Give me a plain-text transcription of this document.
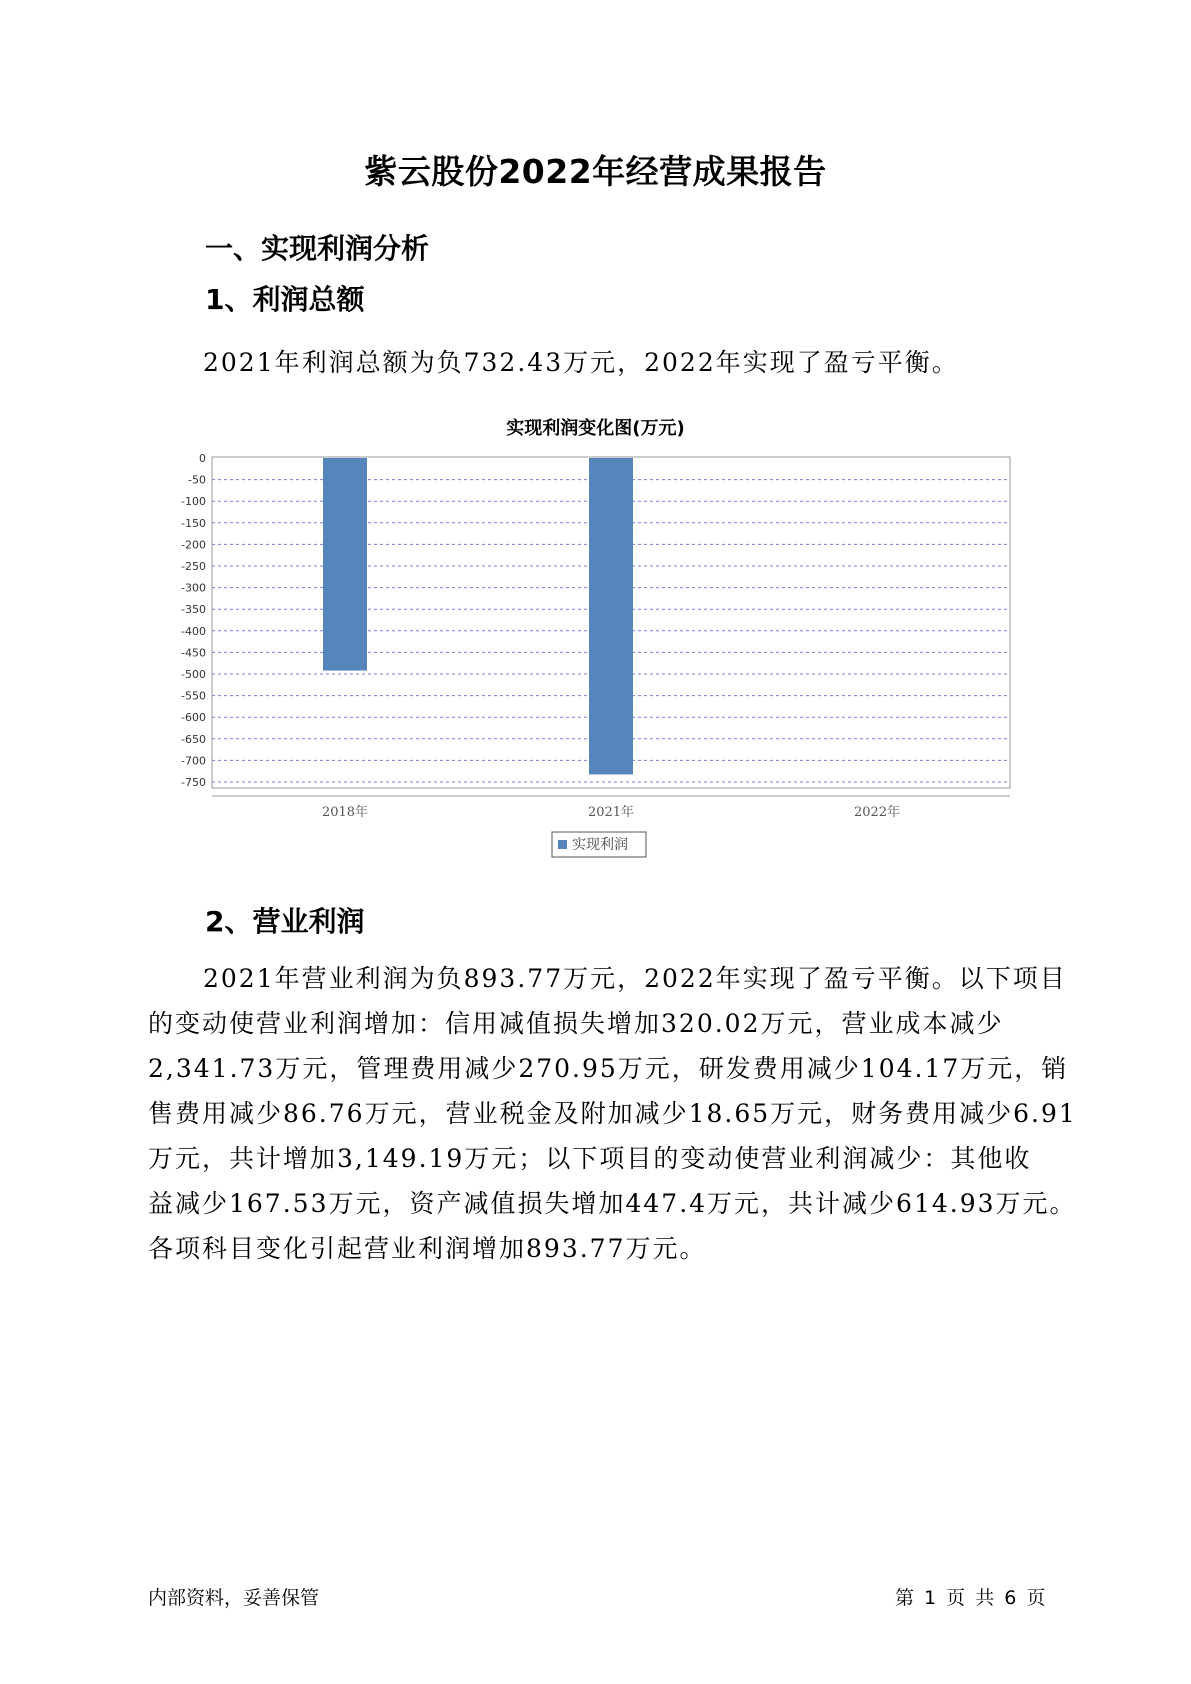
紫云股份2022年经营成果报告
一、实现利润分析
1、利润总额
2021年利润总额为负732.43万元，2022年实现了盈亏平衡。
实现利润变化图(万元)
0
-50
-100
-150
-200
-250
-300
-350
-400
-450
-500
-550
-600
-650
-700
-750
2018年	2021年	2022年
实现利润
2、营业利润
2021年营业利润为负893.77万元，2022年实现了盈亏平衡。以下项目
的变动使营业利润增加：信用减值损失增加320.02万元，营业成本减少
2,341.73万元，管理费用减少270.95万元，研发费用减少104.17万元，销
售费用减少86.76万元，营业税金及附加减少18.65万元，财务费用减少6.91
万元，共计增加3,149.19万元；以下项目的变动使营业利润减少：其他收
益减少167.53万元，资产减值损失增加447.4万元，共计减少614.93万元。
各项科目变化引起营业利润增加893.77万元。
内部资料，妥善保管	第 1 页 共 6 页
